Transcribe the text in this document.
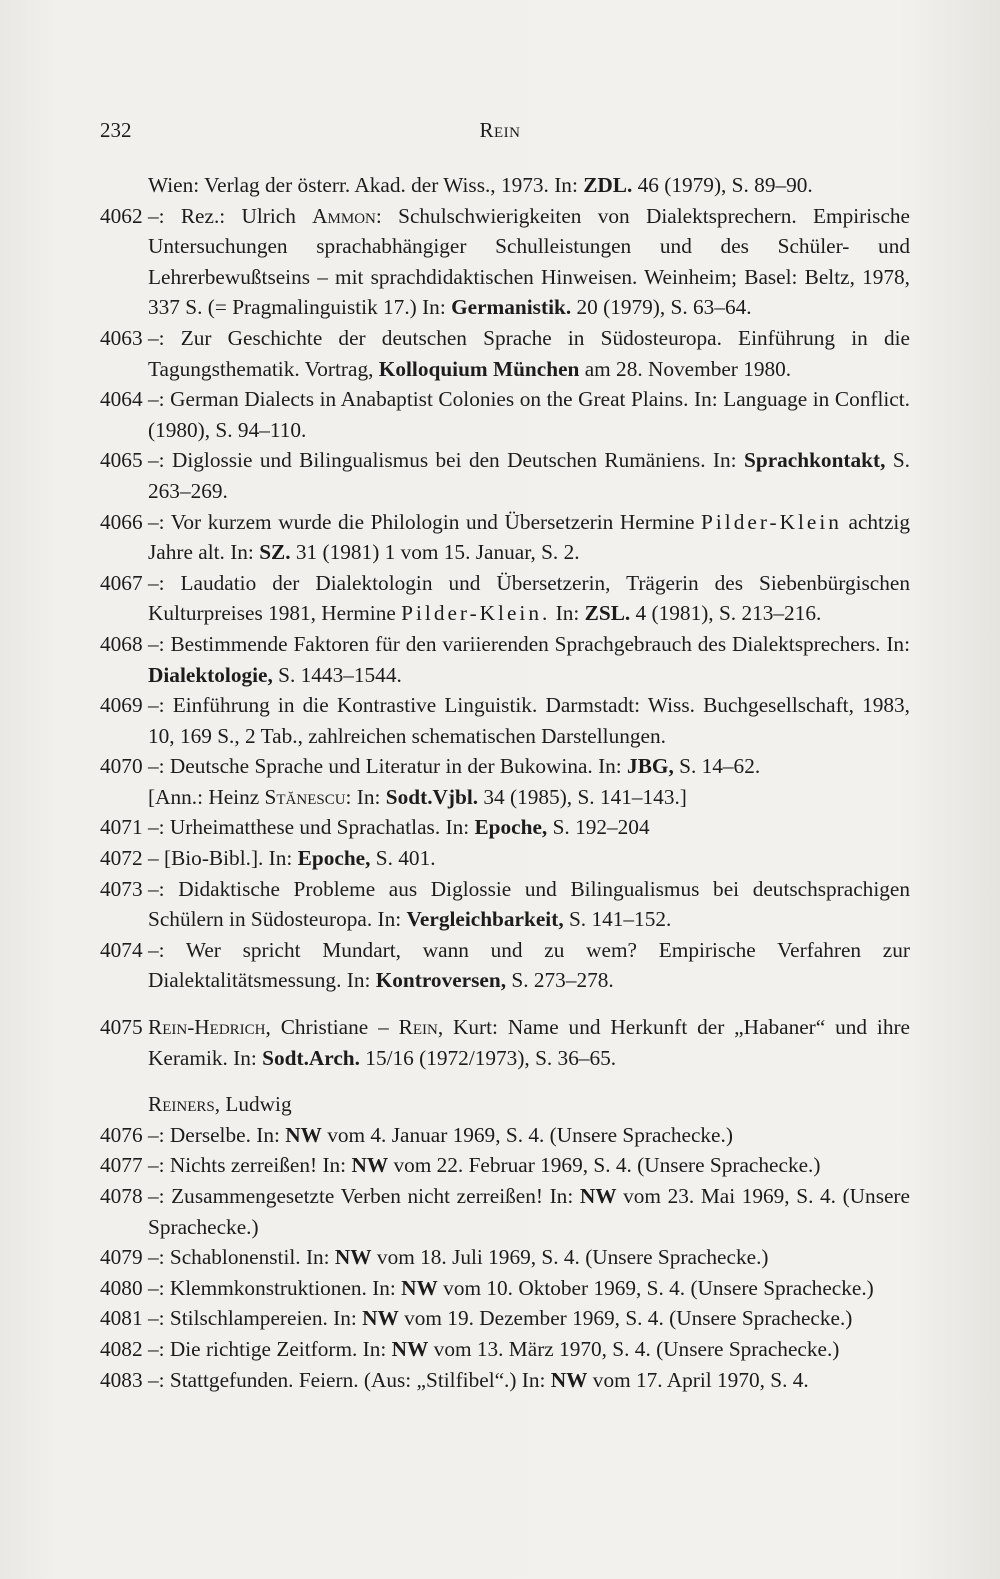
232	Rein
Wien: Verlag der österr. Akad. der Wiss., 1973. In: ZDL. 46 (1979), S. 89–90.
4062 –: Rez.: Ulrich Ammon: Schulschwierigkeiten von Dialektsprechern. Empirische Untersuchungen sprachabhängiger Schulleistungen und des Schüler- und Lehrerbewußtseins – mit sprachdidaktischen Hinweisen. Weinheim; Basel: Beltz, 1978, 337 S. (= Pragmalinguistik 17.) In: Germanistik. 20 (1979), S. 63–64.
4063 –: Zur Geschichte der deutschen Sprache in Südosteuropa. Einführung in die Tagungsthematik. Vortrag, Kolloquium München am 28. November 1980.
4064 –: German Dialects in Anabaptist Colonies on the Great Plains. In: Language in Conflict. (1980), S. 94–110.
4065 –: Diglossie und Bilingualismus bei den Deutschen Rumäniens. In: Sprachkontakt, S. 263–269.
4066 –: Vor kurzem wurde die Philologin und Übersetzerin Hermine Pilder-Klein achtzig Jahre alt. In: SZ. 31 (1981) 1 vom 15. Januar, S. 2.
4067 –: Laudatio der Dialektologin und Übersetzerin, Trägerin des Siebenbürgischen Kulturpreises 1981, Hermine Pilder-Klein. In: ZSL. 4 (1981), S. 213–216.
4068 –: Bestimmende Faktoren für den variierenden Sprachgebrauch des Dialektsprechers. In: Dialektologie, S. 1443–1544.
4069 –: Einführung in die Kontrastive Linguistik. Darmstadt: Wiss. Buchgesellschaft, 1983, 10, 169 S., 2 Tab., zahlreichen schematischen Darstellungen.
4070 –: Deutsche Sprache und Literatur in der Bukowina. In: JBG, S. 14–62.
[Ann.: Heinz Stănescu: In: Sodt.Vjbl. 34 (1985), S. 141–143.]
4071 –: Urheimatthese und Sprachatlas. In: Epoche, S. 192–204
4072 – [Bio-Bibl.]. In: Epoche, S. 401.
4073 –: Didaktische Probleme aus Diglossie und Bilingualismus bei deutschsprachigen Schülern in Südosteuropa. In: Vergleichbarkeit, S. 141–152.
4074 –: Wer spricht Mundart, wann und zu wem? Empirische Verfahren zur Dialektalitätsmessung. In: Kontroversen, S. 273–278.
4075 Rein-Hedrich, Christiane – Rein, Kurt: Name und Herkunft der „Habaner“ und ihre Keramik. In: Sodt.Arch. 15/16 (1972/1973), S. 36–65.
Reiners, Ludwig
4076 –: Derselbe. In: NW vom 4. Januar 1969, S. 4. (Unsere Sprachecke.)
4077 –: Nichts zerreißen! In: NW vom 22. Februar 1969, S. 4. (Unsere Sprachecke.)
4078 –: Zusammengesetzte Verben nicht zerreißen! In: NW vom 23. Mai 1969, S. 4. (Unsere Sprachecke.)
4079 –: Schablonenstil. In: NW vom 18. Juli 1969, S. 4. (Unsere Sprachecke.)
4080 –: Klemmkonstruktionen. In: NW vom 10. Oktober 1969, S. 4. (Unsere Sprachecke.)
4081 –: Stilschlampereien. In: NW vom 19. Dezember 1969, S. 4. (Unsere Sprachecke.)
4082 –: Die richtige Zeitform. In: NW vom 13. März 1970, S. 4. (Unsere Sprachecke.)
4083 –: Stattgefunden. Feiern. (Aus: „Stilfibel“.) In: NW vom 17. April 1970, S. 4.
